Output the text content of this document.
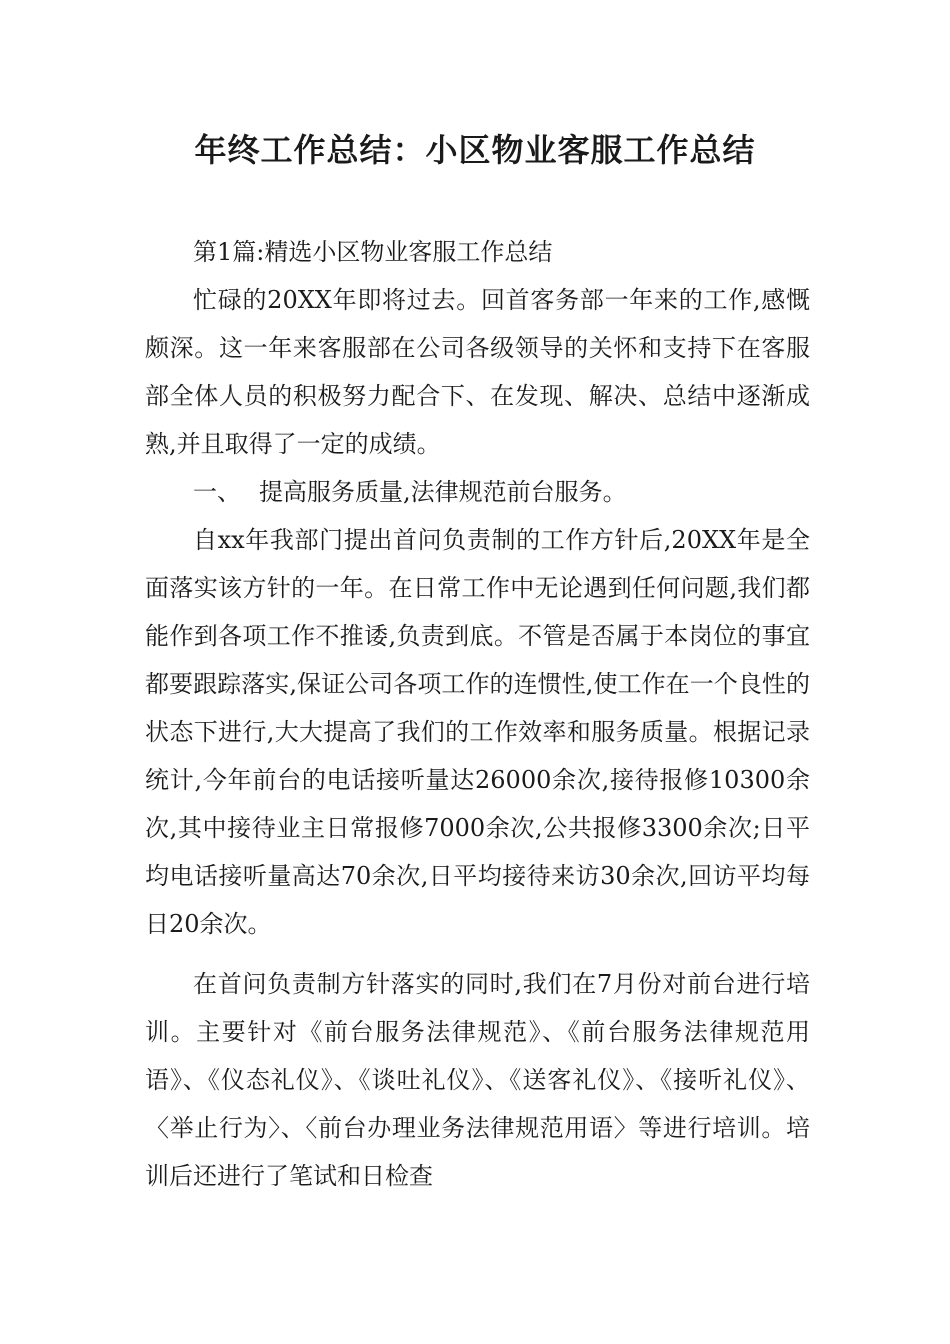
年终工作总结：小区物业客服工作总结

第1篇:精选小区物业客服工作总结

忙碌的20XX年即将过去。回首客务部一年来的工作,感慨颇深。这一年来客服部在公司各级领导的关怀和支持下在客服部全体人员的积极努力配合下、在发现、解决、总结中逐渐成熟,并且取得了一定的成绩。

一、 提高服务质量,法律规范前台服务。

自xx年我部门提出首问负责制的工作方针后,20XX年是全面落实该方针的一年。在日常工作中无论遇到任何问题,我们都能作到各项工作不推诿,负责到底。不管是否属于本岗位的事宜都要跟踪落实,保证公司各项工作的连惯性,使工作在一个良性的状态下进行,大大提高了我们的工作效率和服务质量。根据记录统计,今年前台的电话接听量达26000余次,接待报修10300余次,其中接待业主日常报修7000余次,公共报修3300余次;日平均电话接听量高达70余次,日平均接待来访30余次,回访平均每日20余次。

在首问负责制方针落实的同时,我们在7月份对前台进行培训。主要针对《前台服务法律规范》、《前台服务法律规范用语》、《仪态礼仪》、《谈吐礼仪》、《送客礼仪》、《接听礼仪》、〈举止行为〉、〈前台办理业务法律规范用语〉等进行培训。培训后还进行了笔试和日检查
